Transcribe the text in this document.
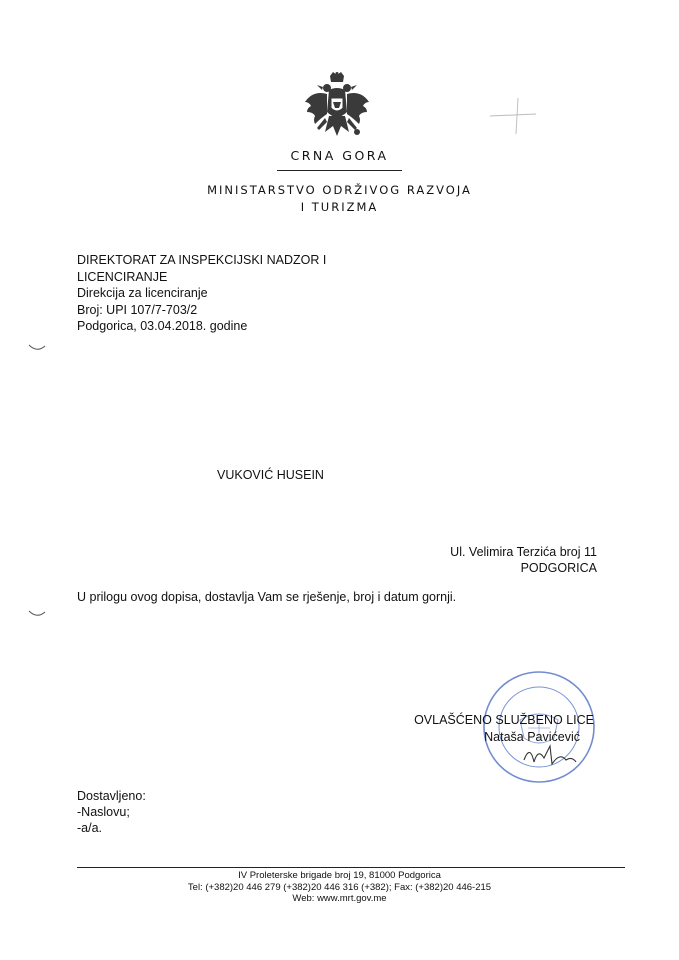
CRNA GORA
MINISTARSTVO ODRŽIVOG RAZVOJA
I TURIZMA
DIREKTORAT ZA INSPEKCIJSKI NADZOR I
LICENCIRANJE
Direkcija za licenciranje
Broj: UPI 107/7-703/2
Podgorica, 03.04.2018. godine
VUKOVIĆ HUSEIN
Ul. Velimira Terzića broj 11
PODGORICA
U prilogu ovog dopisa, dostavlja Vam se rješenje, broj i datum gornji.
OVLAŠĆENO SLUŽBENO LICE
Nataša Pavićević
Dostavljeno:
-Naslovu;
-a/a.
IV Proleterske brigade broj 19, 81000 Podgorica
Tel: (+382)20 446 279 (+382)20 446 316 (+382); Fax: (+382)20 446-215
Web: www.mrt.gov.me
